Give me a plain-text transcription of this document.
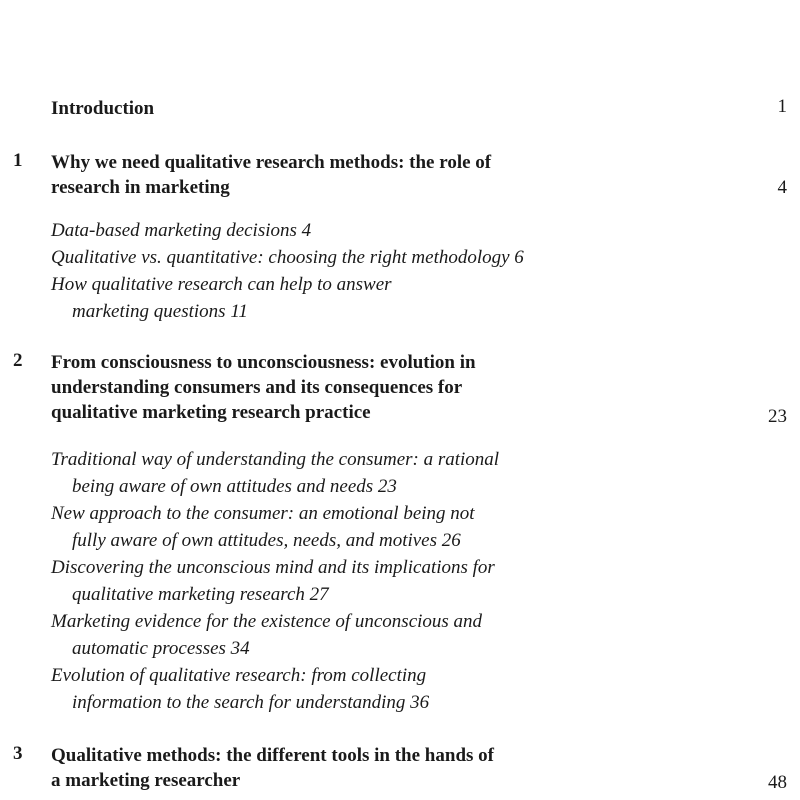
Introduction	1
1 Why we need qualitative research methods: the role of
research in marketing	4
Data-based marketing decisions 4
Qualitative vs. quantitative: choosing the right methodology 6
How qualitative research can help to answer
marketing questions 11
2 From consciousness to unconsciousness: evolution in
understanding consumers and its consequences for
qualitative marketing research practice	23
Traditional way of understanding the consumer: a rational
being aware of own attitudes and needs 23
New approach to the consumer: an emotional being not
fully aware of own attitudes, needs, and motives 26
Discovering the unconscious mind and its implications for
qualitative marketing research 27
Marketing evidence for the existence of unconscious and
automatic processes 34
Evolution of qualitative research: from collecting
information to the search for understanding 36
3 Qualitative methods: the different tools in the hands of
a marketing researcher	48
